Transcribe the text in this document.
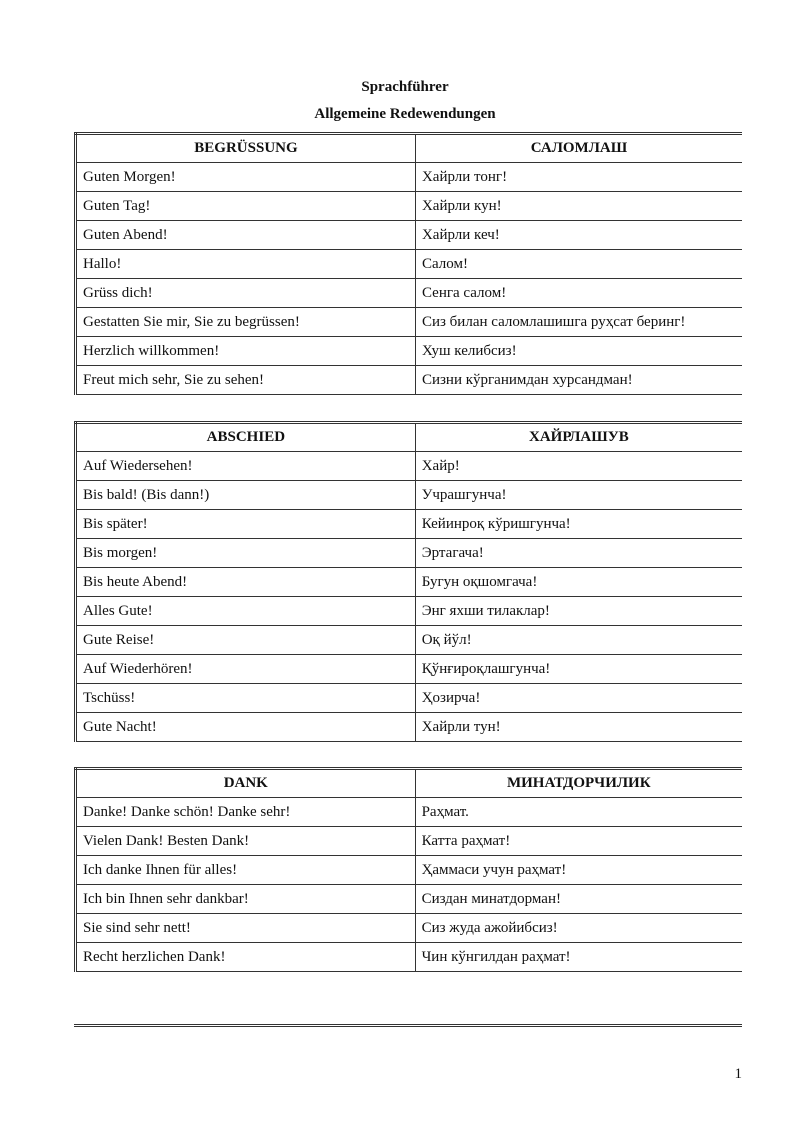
Sprachführer
Allgemeine Redewendungen
BEGRÜSSUNG	САЛОМЛАШ
Guten Morgen!	Хайрли тонг!
Guten Tag!	Хайрли кун!
Guten Abend!	Хайрли кеч!
Hallo!	Салом!
Grüss dich!	Сенга салом!
Gestatten Sie mir, Sie zu begrüssen!	Сиз билан саломлашишга руҳсат беринг!
Herzlich willkommen!	Хуш келибсиз!
Freut mich sehr, Sie zu sehen!	Сизни кўрганимдан хурсандман!
ABSCHIED	ХАЙРЛАШУВ
Auf Wiedersehen!	Хайр!
Bis bald! (Bis dann!)	Учрашгунча!
Bis später!	Кейинроқ кўришгунча!
Bis morgen!	Эртагача!
Bis heute Abend!	Бугун оқшомгача!
Alles Gute!	Энг яхши тилаклар!
Gute Reise!	Оқ йўл!
Auf Wiederhören!	Қўнғироқлашгунча!
Tschüss!	Ҳозирча!
Gute Nacht!	Хайрли тун!
DANK	МИНАТДОРЧИЛИК
Danke! Danke schön! Danke sehr!	Раҳмат.
Vielen Dank! Besten Dank!	Катта раҳмат!
Ich danke Ihnen für alles!	Ҳаммаси учун раҳмат!
Ich bin Ihnen sehr dankbar!	Сиздан минатдорман!
Sie sind sehr nett!	Сиз жуда ажойибсиз!
Recht herzlichen Dank!	Чин кўнгилдан раҳмат!
1
